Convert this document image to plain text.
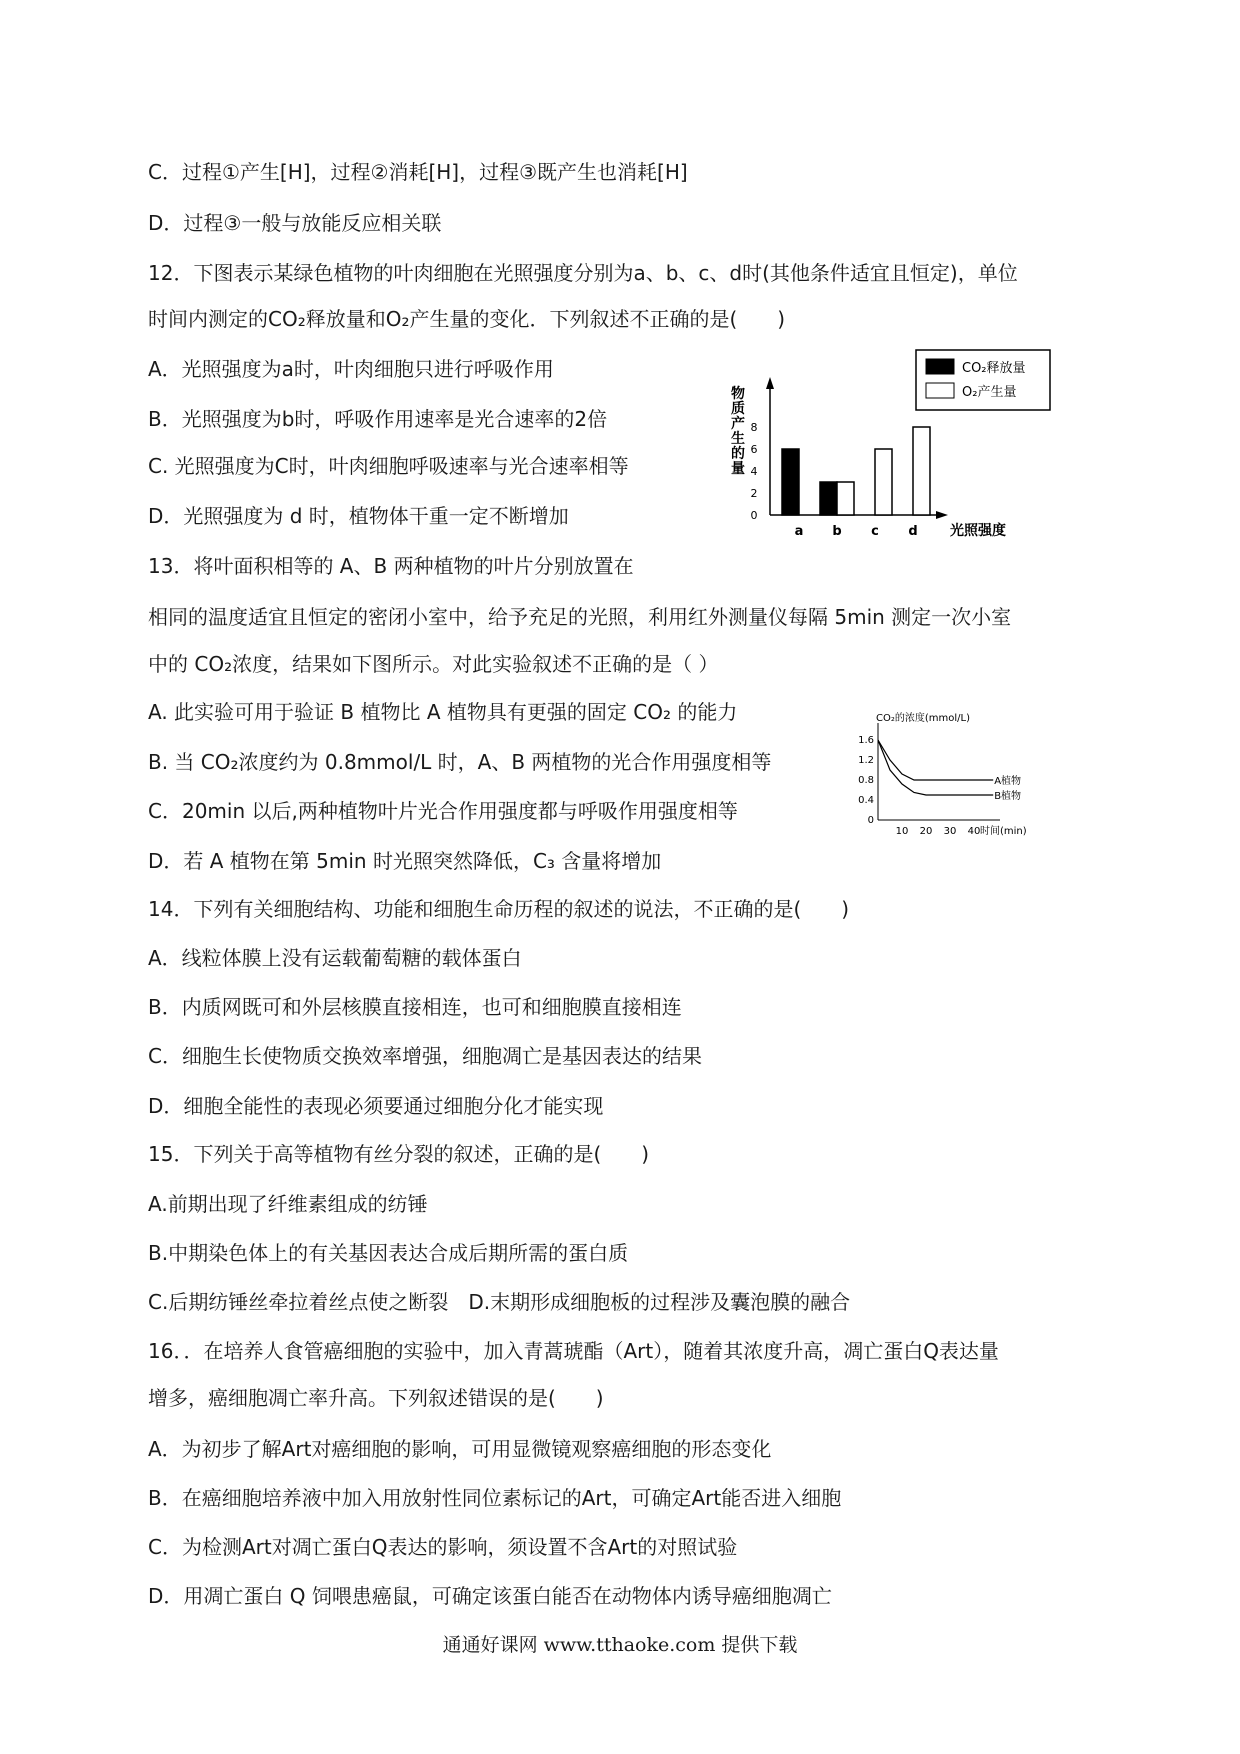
C．过程①产生[H]，过程②消耗[H]，过程③既产生也消耗[H]
D．过程③一般与放能反应相关联
12．下图表示某绿色植物的叶肉细胞在光照强度分别为a、b、c、d时(其他条件适宜且恒定)，单位
时间内测定的CO₂释放量和O₂产生量的变化．下列叙述不正确的是(　　)
A．光照强度为a时，叶肉细胞只进行呼吸作用
B．光照强度为b时，呼吸作用速率是光合速率的2倍
C. 光照强度为C时，叶肉细胞呼吸速率与光合速率相等
D．光照强度为 d 时，植物体干重一定不断增加
13．将叶面积相等的 A、B 两种植物的叶片分别放置在
相同的温度适宜且恒定的密闭小室中，给予充足的光照，利用红外测量仪每隔 5min 测定一次小室
中的 CO₂浓度，结果如下图所示。对此实验叙述不正确的是（ ）
A. 此实验可用于验证 B 植物比 A 植物具有更强的固定 CO₂ 的能力
B. 当 CO₂浓度约为 0.8mmol/L 时，A、B 两植物的光合作用强度相等
C．20min 以后,两种植物叶片光合作用强度都与呼吸作用强度相等
D．若 A 植物在第 5min 时光照突然降低，C₃ 含量将增加
14．下列有关细胞结构、功能和细胞生命历程的叙述的说法，不正确的是(　　)
A．线粒体膜上没有运载葡萄糖的载体蛋白
B．内质网既可和外层核膜直接相连，也可和细胞膜直接相连
C．细胞生长使物质交换效率增强，细胞凋亡是基因表达的结果
D．细胞全能性的表现必须要通过细胞分化才能实现
15．下列关于高等植物有丝分裂的叙述，正确的是(　　)
A.前期出现了纤维素组成的纺锤
B.中期染色体上的有关基因表达合成后期所需的蛋白质
C.后期纺锤丝牵拉着丝点使之断裂　D.末期形成细胞板的过程涉及囊泡膜的融合
16．．在培养人食管癌细胞的实验中，加入青蒿琥酯（Art），随着其浓度升高，凋亡蛋白Q表达量
增多，癌细胞凋亡率升高。下列叙述错误的是(　　)
A．为初步了解Art对癌细胞的影响，可用显微镜观察癌细胞的形态变化
B．在癌细胞培养液中加入用放射性同位素标记的Art，可确定Art能否进入细胞
C．为检测Art对凋亡蛋白Q表达的影响，须设置不含Art的对照试验
D．用凋亡蛋白 Q 饲喂患癌鼠，可确定该蛋白能否在动物体内诱导癌细胞凋亡
CO₂释放量
O₂产生量
物
质
产
生
的
量
0
2
4
6
8
a b c d 光照强度
CO₂的浓度(mmol/L)
0
0.4
0.8
1.2
1.6
10 20 30 40
A植物
B植物
时间(min)
通通好课网 www.tthaoke.com 提供下载
